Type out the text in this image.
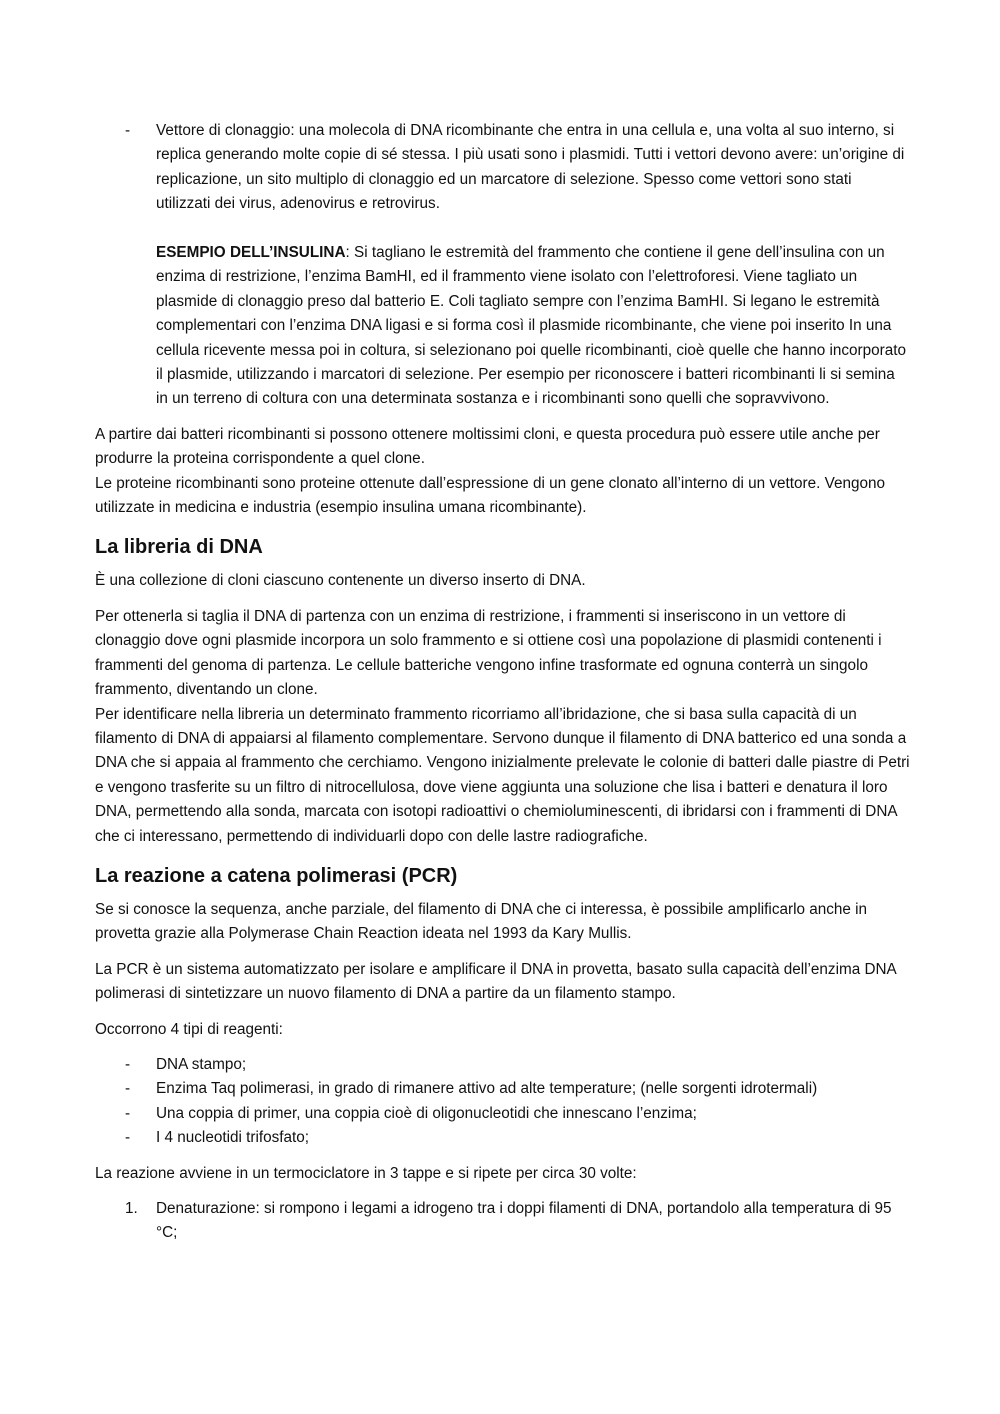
- Vettore di clonaggio: una molecola di DNA ricombinante che entra in una cellula e, una volta al suo interno, si replica generando molte copie di sé stessa. I più usati sono i plasmidi. Tutti i vettori devono avere: un’origine di replicazione, un sito multiplo di clonaggio ed un marcatore di selezione. Spesso come vettori sono stati utilizzati dei virus, adenovirus e retrovirus.
ESEMPIO DELL’INSULINA: Si tagliano le estremità del frammento che contiene il gene dell’insulina con un enzima di restrizione, l’enzima BamHI, ed il frammento viene isolato con l’elettroforesi. Viene tagliato un plasmide di clonaggio preso dal batterio E. Coli tagliato sempre con l’enzima BamHI. Si legano le estremità complementari con l’enzima DNA ligasi e si forma così il plasmide ricombinante, che viene poi inserito In una cellula ricevente messa poi in coltura, si selezionano poi quelle ricombinanti, cioè quelle che hanno incorporato il plasmide, utilizzando i marcatori di selezione. Per esempio per riconoscere i batteri ricombinanti li si semina in un terreno di coltura con una determinata sostanza e i ricombinanti sono quelli che sopravvivono.

A partire dai batteri ricombinanti si possono ottenere moltissimi cloni, e questa procedura può essere utile anche per produrre la proteina corrispondente a quel clone.
Le proteine ricombinanti sono proteine ottenute dall’espressione di un gene clonato all’interno di un vettore. Vengono utilizzate in medicina e industria (esempio insulina umana ricombinante).

La libreria di DNA

È una collezione di cloni ciascuno contenente un diverso inserto di DNA.

Per ottenerla si taglia il DNA di partenza con un enzima di restrizione, i frammenti si inseriscono in un vettore di clonaggio dove ogni plasmide incorpora un solo frammento e si ottiene così una popolazione di plasmidi contenenti i frammenti del genoma di partenza. Le cellule batteriche vengono infine trasformate ed ognuna conterrà un singolo frammento, diventando un clone.
Per identificare nella libreria un determinato frammento ricorriamo all’ibridazione, che si basa sulla capacità di un filamento di DNA di appaiarsi al filamento complementare. Servono dunque il filamento di DNA batterico ed una sonda a DNA che si appaia al frammento che cerchiamo. Vengono inizialmente prelevate le colonie di batteri dalle piastre di Petri e vengono trasferite su un filtro di nitrocellulosa, dove viene aggiunta una soluzione che lisa i batteri e denatura il loro DNA, permettendo alla sonda, marcata con isotopi radioattivi o chemioluminescenti, di ibridarsi con i frammenti di DNA che ci interessano, permettendo di individuarli dopo con delle lastre radiografiche.

La reazione a catena polimerasi (PCR)

Se si conosce la sequenza, anche parziale, del filamento di DNA che ci interessa, è possibile amplificarlo anche in provetta grazie alla Polymerase Chain Reaction ideata nel 1993 da Kary Mullis.

La PCR è un sistema automatizzato per isolare e amplificare il DNA in provetta, basato sulla capacità dell’enzima DNA polimerasi di sintetizzare un nuovo filamento di DNA a partire da un filamento stampo.

Occorrono 4 tipi di reagenti:

- DNA stampo;
- Enzima Taq polimerasi, in grado di rimanere attivo ad alte temperature; (nelle sorgenti idrotermali)
- Una coppia di primer, una coppia cioè di oligonucleotidi che innescano l’enzima;
- I 4 nucleotidi trifosfato;

La reazione avviene in un termociclatore in 3 tappe e si ripete per circa 30 volte:

1. Denaturazione: si rompono i legami a idrogeno tra i doppi filamenti di DNA, portandolo alla temperatura di 95 °C;
